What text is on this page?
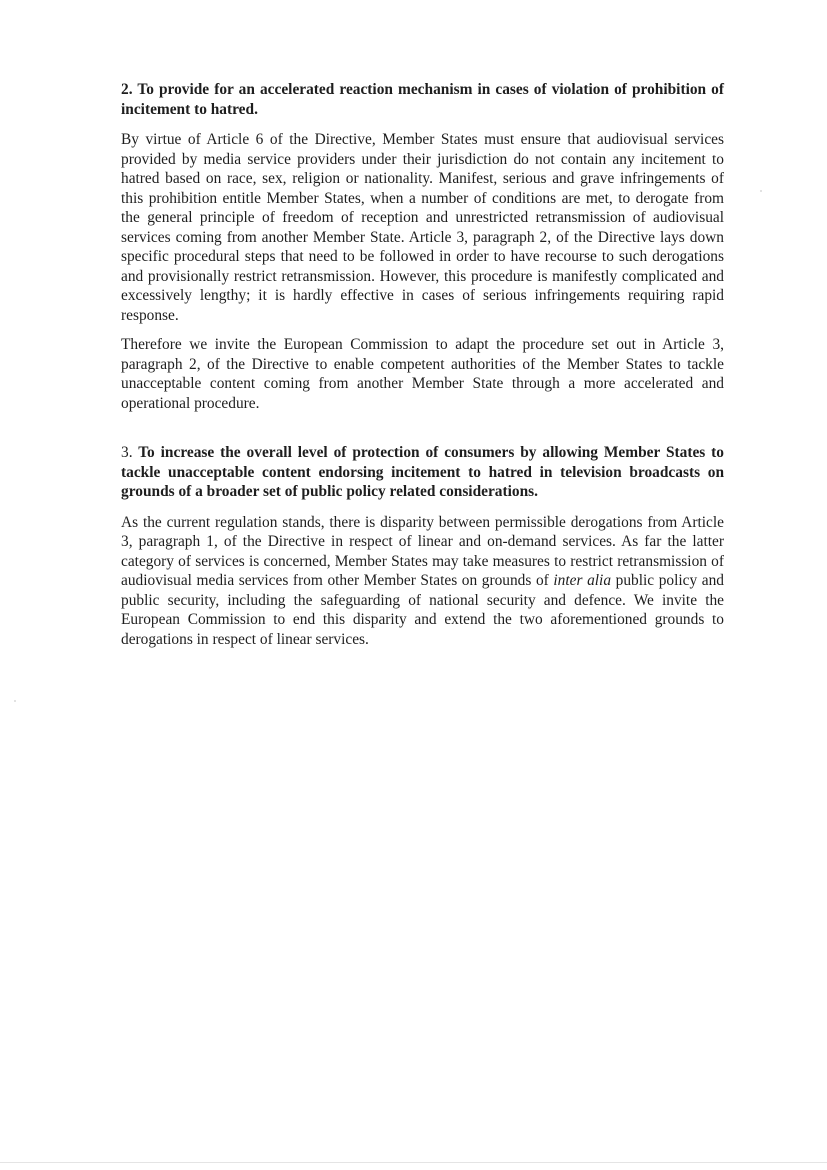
2. To provide for an accelerated reaction mechanism in cases of violation of prohibition of incitement to hatred.

By virtue of Article 6 of the Directive, Member States must ensure that audiovisual services provided by media service providers under their jurisdiction do not contain any incitement to hatred based on race, sex, religion or nationality. Manifest, serious and grave infringements of this prohibition entitle Member States, when a number of conditions are met, to derogate from the general principle of freedom of reception and unrestricted retransmission of audiovisual services coming from another Member State. Article 3, paragraph 2, of the Directive lays down specific procedural steps that need to be followed in order to have recourse to such derogations and provisionally restrict retransmission. However, this procedure is manifestly complicated and excessively lengthy; it is hardly effective in cases of serious infringements requiring rapid response.

Therefore we invite the European Commission to adapt the procedure set out in Article 3, paragraph 2, of the Directive to enable competent authorities of the Member States to tackle unacceptable content coming from another Member State through a more accelerated and operational procedure.

3. To increase the overall level of protection of consumers by allowing Member States to tackle unacceptable content endorsing incitement to hatred in television broadcasts on grounds of a broader set of public policy related considerations.

As the current regulation stands, there is disparity between permissible derogations from Article 3, paragraph 1, of the Directive in respect of linear and on-demand services. As far the latter category of services is concerned, Member States may take measures to restrict retransmission of audiovisual media services from other Member States on grounds of inter alia public policy and public security, including the safeguarding of national security and defence. We invite the European Commission to end this disparity and extend the two aforementioned grounds to derogations in respect of linear services.
